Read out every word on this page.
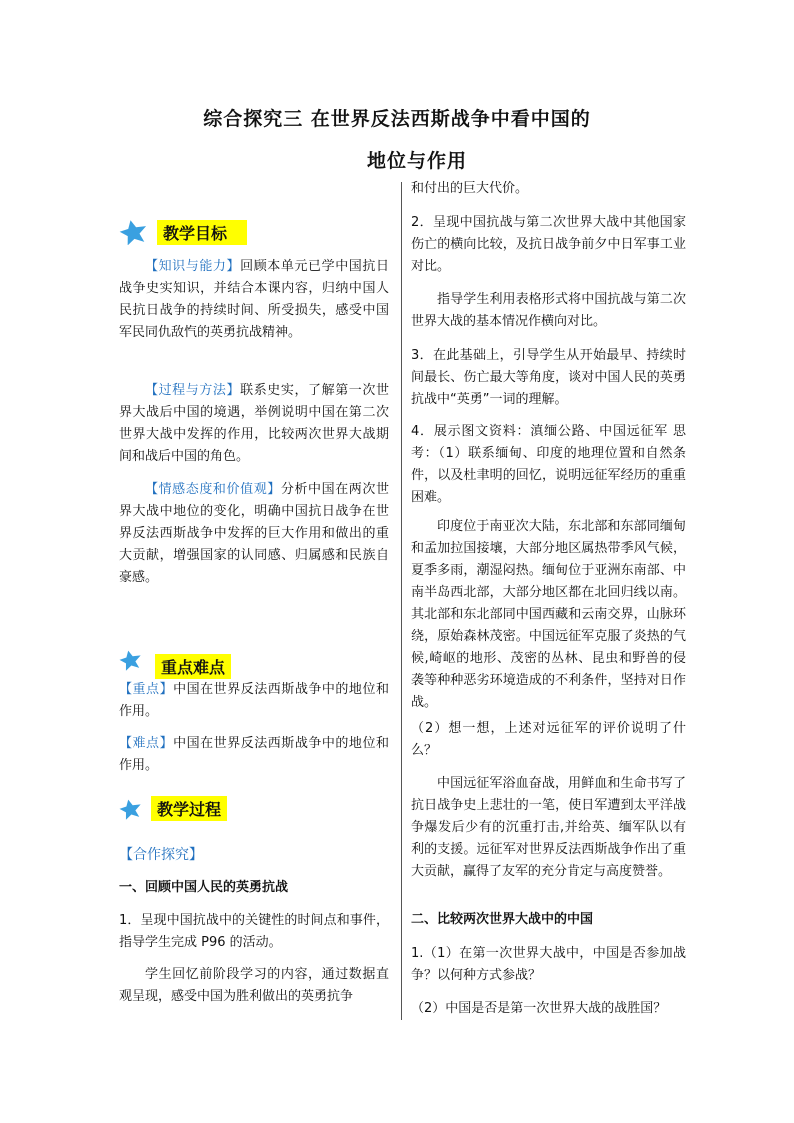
综合探究三 在世界反法西斯战争中看中国的
地位与作用
教学目标

【知识与能力】回顾本单元已学中国抗日战争史实知识，并结合本课内容，归纳中国人民抗日战争的持续时间、所受损失，感受中国军民同仇敌忾的英勇抗战精神。

【过程与方法】联系史实，了解第一次世界大战后中国的境遇，举例说明中国在第二次世界大战中发挥的作用，比较两次世界大战期间和战后中国的角色。

【情感态度和价值观】分析中国在两次世界大战中地位的变化，明确中国抗日战争在世界反法西斯战争中发挥的巨大作用和做出的重大贡献，增强国家的认同感、归属感和民族自豪感。

重点难点

【重点】中国在世界反法西斯战争中的地位和作用。

【难点】中国在世界反法西斯战争中的地位和作用。

教学过程

【合作探究】

一、回顾中国人民的英勇抗战

1．呈现中国抗战中的关键性的时间点和事件，指导学生完成 P96 的活动。

学生回忆前阶段学习的内容，通过数据直观呈现，感受中国为胜利做出的英勇抗争

和付出的巨大代价。

2．呈现中国抗战与第二次世界大战中其他国家伤亡的横向比较，及抗日战争前夕中日军事工业对比。

指导学生利用表格形式将中国抗战与第二次世界大战的基本情况作横向对比。

3．在此基础上，引导学生从开始最早、持续时间最长、伤亡最大等角度，谈对中国人民的英勇抗战中“英勇”一词的理解。

4．展示图文资料：滇缅公路、中国远征军 思考：（1）联系缅甸、印度的地理位置和自然条件，以及杜聿明的回忆，说明远征军经历的重重困难。

印度位于南亚次大陆，东北部和东部同缅甸和孟加拉国接壤，大部分地区属热带季风气候，夏季多雨，潮湿闷热。缅甸位于亚洲东南部、中南半岛西北部，大部分地区都在北回归线以南。其北部和东北部同中国西藏和云南交界，山脉环绕，原始森林茂密。中国远征军克服了炎热的气候,崎岖的地形、茂密的丛林、昆虫和野兽的侵袭等种种恶劣环境造成的不利条件，坚持对日作战。

（2）想一想，上述对远征军的评价说明了什么？

中国远征军浴血奋战，用鲜血和生命书写了抗日战争史上悲壮的一笔，使日军遭到太平洋战争爆发后少有的沉重打击,并给英、缅军队以有利的支援。远征军对世界反法西斯战争作出了重大贡献，赢得了友军的充分肯定与高度赞誉。

二、比较两次世界大战中的中国

1.（1）在第一次世界大战中，中国是否参加战争？以何种方式参战？

（2）中国是否是第一次世界大战的战胜国？
